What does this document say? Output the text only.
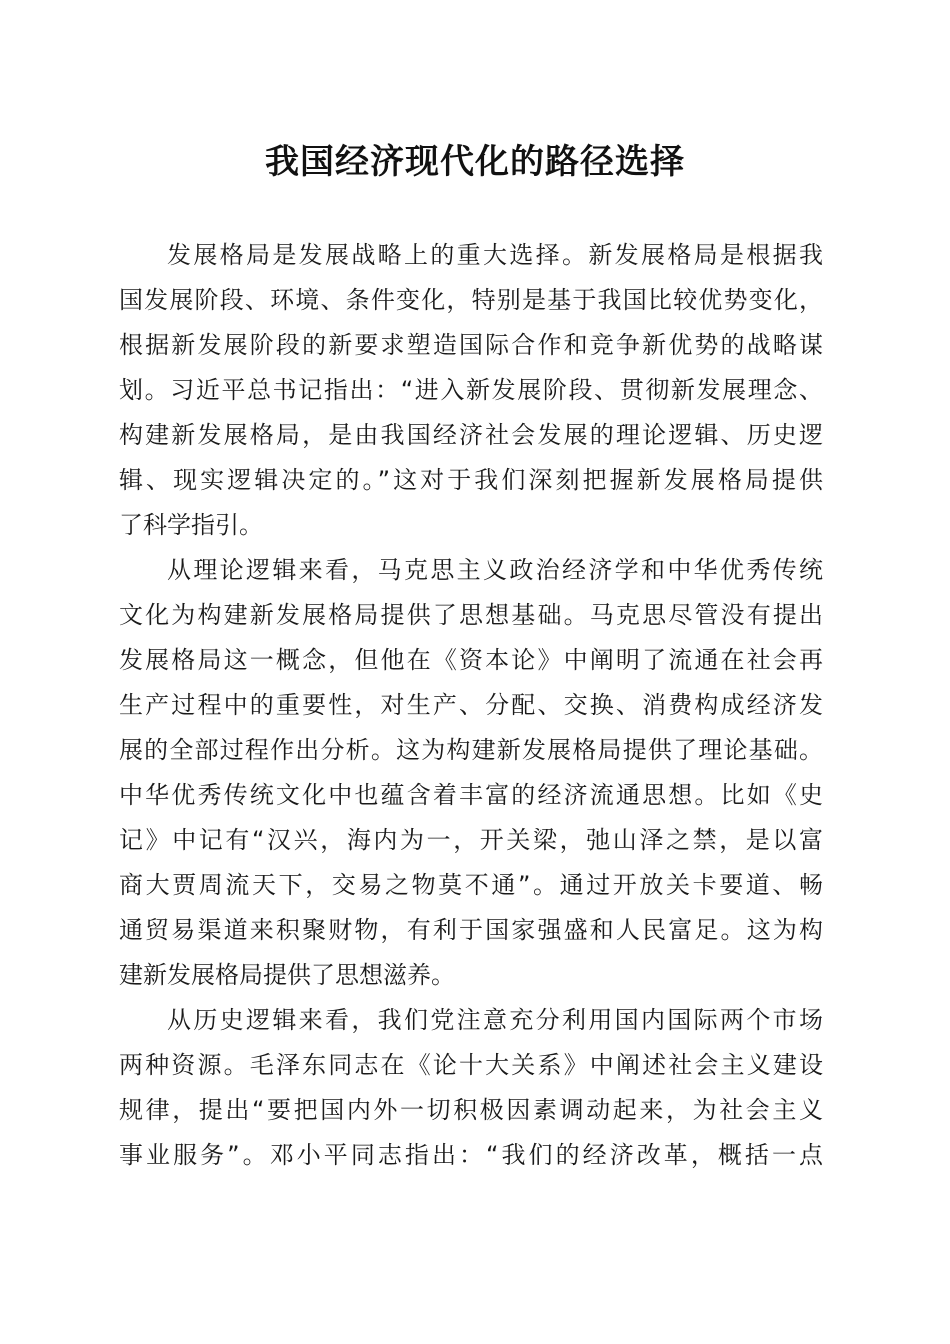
我国经济现代化的路径选择
发展格局是发展战略上的重大选择。新发展格局是根据我
国发展阶段、环境、条件变化，特别是基于我国比较优势变化，
根据新发展阶段的新要求塑造国际合作和竞争新优势的战略谋
划。习近平总书记指出：“进入新发展阶段、贯彻新发展理念、
构建新发展格局，是由我国经济社会发展的理论逻辑、历史逻
辑、现实逻辑决定的。”这对于我们深刻把握新发展格局提供
了科学指引。
从理论逻辑来看，马克思主义政治经济学和中华优秀传统
文化为构建新发展格局提供了思想基础。马克思尽管没有提出
发展格局这一概念，但他在《资本论》中阐明了流通在社会再
生产过程中的重要性，对生产、分配、交换、消费构成经济发
展的全部过程作出分析。这为构建新发展格局提供了理论基础。
中华优秀传统文化中也蕴含着丰富的经济流通思想。比如《史
记》中记有“汉兴，海内为一，开关梁，弛山泽之禁，是以富
商大贾周流天下，交易之物莫不通”。通过开放关卡要道、畅
通贸易渠道来积聚财物，有利于国家强盛和人民富足。这为构
建新发展格局提供了思想滋养。
从历史逻辑来看，我们党注意充分利用国内国际两个市场
两种资源。毛泽东同志在《论十大关系》中阐述社会主义建设
规律，提出“要把国内外一切积极因素调动起来，为社会主义
事业服务”。邓小平同志指出：“我们的经济改革，概括一点
